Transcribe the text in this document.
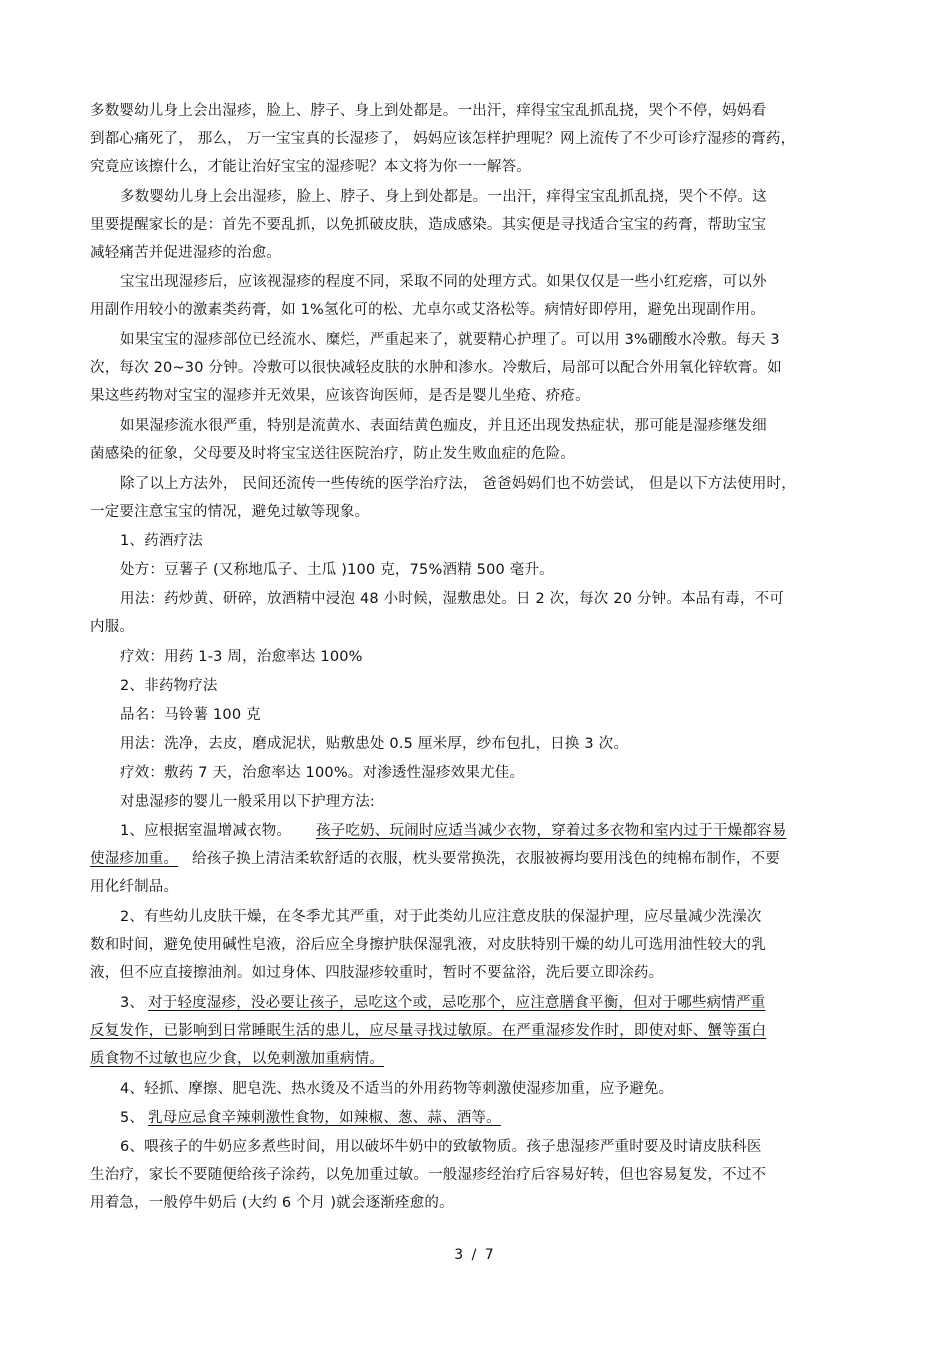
多数婴幼儿身上会出湿疹，脸上、脖子、身上到处都是。一出汗，痒得宝宝乱抓乱挠，哭个不停，妈妈看
到都心痛死了， 那么， 万一宝宝真的长湿疹了， 妈妈应该怎样护理呢？网上流传了不少可诊疗湿疹的膏药，
究竟应该擦什么，才能让治好宝宝的湿疹呢？本文将为你一一解答。
多数婴幼儿身上会出湿疹，脸上、脖子、身上到处都是。一出汗，痒得宝宝乱抓乱挠，哭个不停。这
里要提醒家长的是：首先不要乱抓，以免抓破皮肤，造成感染。其实便是寻找适合宝宝的药膏，帮助宝宝
减轻痛苦并促进湿疹的治愈。
宝宝出现湿疹后，应该视湿疹的程度不同，采取不同的处理方式。如果仅仅是一些小红疙瘩，可以外
用副作用较小的激素类药膏，如 1%氢化可的松、尤卓尔或艾洛松等。病情好即停用，避免出现副作用。
如果宝宝的湿疹部位已经流水、糜烂，严重起来了，就要精心护理了。可以用 3%硼酸水冷敷。每天 3
次，每次 20~30 分钟。冷敷可以很快减轻皮肤的水肿和渗水。冷敷后，局部可以配合外用氧化锌软膏。如
果这些药物对宝宝的湿疹并无效果，应该咨询医师，是否是婴儿坐疮、疥疮。
如果湿疹流水很严重，特别是流黄水、表面结黄色痂皮，并且还出现发热症状，那可能是湿疹继发细
菌感染的征象，父母要及时将宝宝送往医院治疗，防止发生败血症的危险。
除了以上方法外， 民间还流传一些传统的医学治疗法， 爸爸妈妈们也不妨尝试， 但是以下方法使用时，
一定要注意宝宝的情况，避免过敏等现象。
1、药酒疗法
处方：豆薯子 (又称地瓜子、土瓜 )100 克，75%酒精 500 毫升。
用法：药炒黄、研碎，放酒精中浸泡 48 小时候，湿敷患处。日 2 次，每次 20 分钟。本品有毒，不可
内服。
疗效：用药 1-3 周，治愈率达 100%
2、非药物疗法
品名：马铃薯 100 克
用法：洗净，去皮，磨成泥状，贴敷患处 0.5 厘米厚，纱布包扎，日换 3 次。
疗效：敷药 7 天，治愈率达 100%。对渗透性湿疹效果尤佳。
对患湿疹的婴儿一般采用以下护理方法:
1、应根据室温增减衣物。 孩子吃奶、玩闹时应适当减少衣物，穿着过多衣物和室内过于干燥都容易
使湿疹加重。 给孩子换上清洁柔软舒适的衣服，枕头要常换洗，衣服被褥均要用浅色的纯棉布制作，不要
用化纤制品。
2、有些幼儿皮肤干燥，在冬季尤其严重，对于此类幼儿应注意皮肤的保湿护理，应尽量减少洗澡次
数和时间，避免使用碱性皂液，浴后应全身擦护肤保湿乳液，对皮肤特别干燥的幼儿可选用油性较大的乳
液，但不应直接擦油剂。如过身体、四肢湿疹较重时，暂时不要盆浴，洗后要立即涂药。
3、 对于轻度湿疹，没必要让孩子，忌吃这个或，忌吃那个，应注意膳食平衡，但对于哪些病情严重
反复发作，已影响到日常睡眠生活的患儿，应尽量寻找过敏原。在严重湿疹发作时，即使对虾、蟹等蛋白
质食物不过敏也应少食，以免刺激加重病情。
4、轻抓、摩擦、肥皂洗、热水烫及不适当的外用药物等刺激使湿疹加重，应予避免。
5、 乳母应忌食辛辣刺激性食物，如辣椒、葱、蒜、酒等。
6、喂孩子的牛奶应多煮些时间，用以破坏牛奶中的致敏物质。孩子患湿疹严重时要及时请皮肤科医
生治疗，家长不要随便给孩子涂药，以免加重过敏。一般湿疹经治疗后容易好转，但也容易复发，不过不
用着急，一般停牛奶后 (大约 6 个月 )就会逐渐痊愈的。
3 / 7
